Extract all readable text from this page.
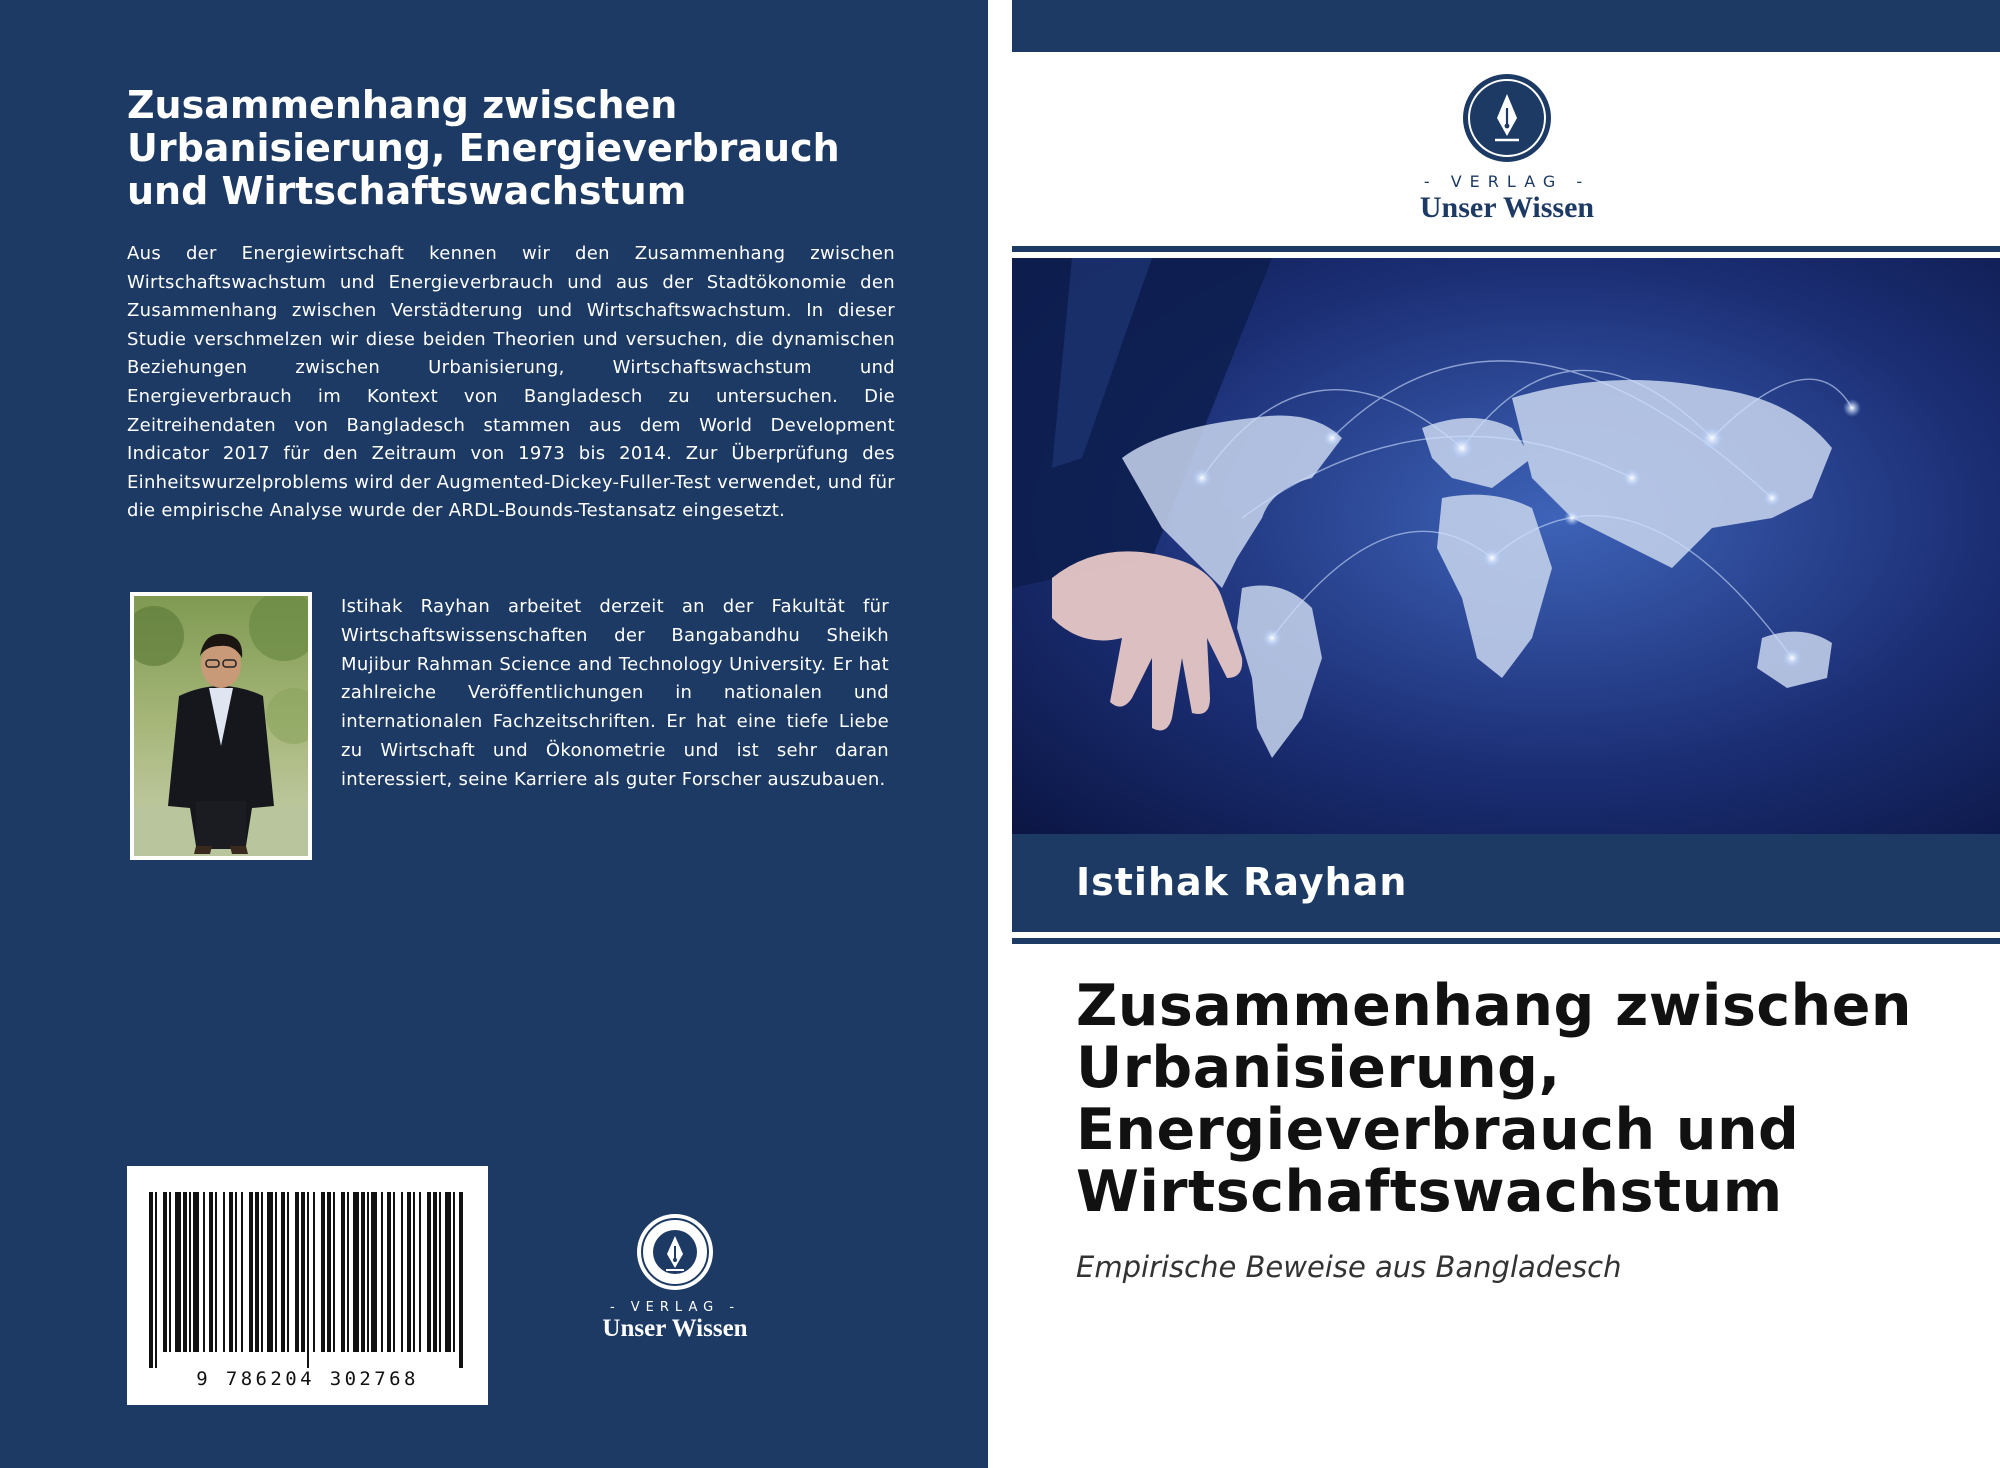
Zusammenhang zwischen Urbanisierung, Energieverbrauch und Wirtschaftswachstum
Aus der Energiewirtschaft kennen wir den Zusammenhang zwischen Wirtschaftswachstum und Energieverbrauch und aus der Stadtökonomie den Zusammenhang zwischen Verstädterung und Wirtschaftswachstum. In dieser Studie verschmelzen wir diese beiden Theorien und versuchen, die dynamischen Beziehungen zwischen Urbanisierung, Wirtschaftswachstum und Energieverbrauch im Kontext von Bangladesch zu untersuchen. Die Zeitreihendaten von Bangladesch stammen aus dem World Development Indicator 2017 für den Zeitraum von 1973 bis 2014. Zur Überprüfung des Einheitswurzelproblems wird der Augmented-Dickey-Fuller-Test verwendet, und für die empirische Analyse wurde der ARDL-Bounds-Testansatz eingesetzt.
Istihak Rayhan arbeitet derzeit an der Fakultät für Wirtschaftswissenschaften der Bangabandhu Sheikh Mujibur Rahman Science and Technology University. Er hat zahlreiche Veröffentlichungen in nationalen und internationalen Fachzeitschriften. Er hat eine tiefe Liebe zu Wirtschaft und Ökonometrie und ist sehr daran interessiert, seine Karriere als guter Forscher auszubauen.
9 786204 302768
- VERLAG -
Unser Wissen
- VERLAG -
Unser Wissen
Istihak Rayhan
Zusammenhang zwischen Urbanisierung, Energieverbrauch und Wirtschaftswachstum
Empirische Beweise aus Bangladesch
